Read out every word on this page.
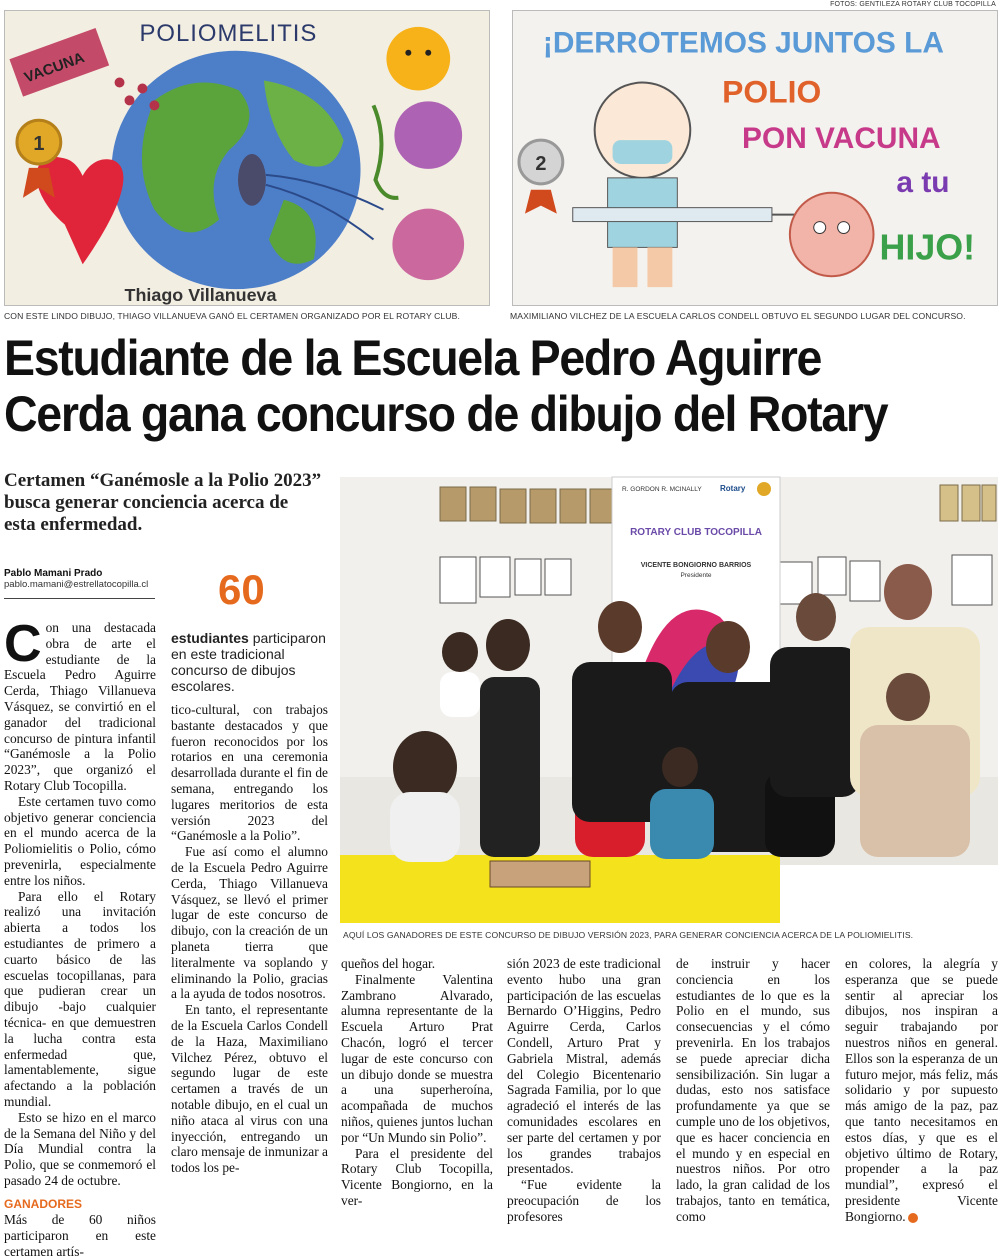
FOTOS: GENTILEZA ROTARY CLUB TOCOPILLA
VACUNA
POLIOMELITIS
Thiago Villanueva
1
CON ESTE LINDO DIBUJO, THIAGO VILLANUEVA GANÓ EL CERTAMEN ORGANIZADO POR EL ROTARY CLUB.
¡DERROTEMOS JUNTOS LA
POLIO
PON VACUNA
a tu
HIJO!
2
MAXIMILIANO VILCHEZ DE LA ESCUELA CARLOS CONDELL OBTUVO EL SEGUNDO LUGAR DEL CONCURSO.
Estudiante de la Escuela Pedro Aguirre Cerda gana concurso de dibujo del Rotary
Certamen “Ganémosle a la Polio 2023” busca generar conciencia acerca de esta enfermedad.
Pablo Mamani Prado
pablo.mamani@estrellatocopilla.cl 60
estudiantes participaron en este tradicional concurso de dibujos escolares.
R. GORDON R. MCINALLY Rotary
ROTARY CLUB TOCOPILLA
VICENTE BONGIORNO BARRIOS
Presidente
AQUÍ LOS GANADORES DE ESTE CONCURSO DE DIBUJO VERSIÓN 2023, PARA GENERAR CONCIENCIA ACERCA DE LA POLIOMIELITIS.

Con una destacada obra de arte el estudiante de la Escuela Pedro Aguirre Cerda, Thiago Villanueva Vásquez, se convirtió en el ganador del tradicional concurso de pintura infantil “Ganémosle a la Polio 2023”, que organizó el Rotary Club Tocopilla.

Este certamen tuvo como objetivo generar conciencia en el mundo acerca de la Poliomielitis o Polio, cómo prevenirla, especialmente entre los niños.

Para ello el Rotary realizó una invitación abierta a todos los estudiantes de primero a cuarto básico de las escuelas tocopillanas, para que pudieran crear un dibujo -bajo cualquier técnica- en que demuestren la lucha contra esta enfermedad que, lamentablemente, sigue afectando a la población mundial.

Esto se hizo en el marco de la Semana del Niño y del Día Mundial contra la Polio, que se conmemoró el pasado 24 de octubre.

GANADORES

Más de 60 niños participaron en este certamen artís-

tico-cultural, con trabajos bastante destacados y que fueron reconocidos por los rotarios en una ceremonia desarrollada durante el fin de semana, entregando los lugares meritorios de esta versión 2023 del “Ganémosle a la Polio”.

Fue así como el alumno de la Escuela Pedro Aguirre Cerda, Thiago Villanueva Vásquez, se llevó el primer lugar de este concurso de dibujo, con la creación de un planeta tierra que literalmente va soplando y eliminando la Polio, gracias a la ayuda de todos nosotros.

En tanto, el representante de la Escuela Carlos Condell de la Haza, Maximiliano Vilchez Pérez, obtuvo el segundo lugar de este certamen a través de un notable dibujo, en el cual un niño ataca al virus con una inyección, entregando un claro mensaje de inmunizar a todos los pe-

queños del hogar.

Finalmente Valentina Zambrano Alvarado, alumna representante de la Escuela Arturo Prat Chacón, logró el tercer lugar de este concurso con un dibujo donde se muestra a una superheroína, acompañada de muchos niños, quienes juntos luchan por “Un Mundo sin Polio”.

Para el presidente del Rotary Club Tocopilla, Vicente Bongiorno, en la ver-

sión 2023 de este tradicional evento hubo una gran participación de las escuelas Bernardo O’Higgins, Pedro Aguirre Cerda, Carlos Condell, Arturo Prat y Gabriela Mistral, además del Colegio Bicentenario Sagrada Familia, por lo que agradeció el interés de las comunidades escolares en ser parte del certamen y por los grandes trabajos presentados.

“Fue evidente la preocupación de los profesores

de instruir y hacer conciencia en los estudiantes de lo que es la Polio en el mundo, sus consecuencias y el cómo prevenirla. En los trabajos se puede apreciar dicha sensibilización. Sin lugar a dudas, esto nos satisface profundamente ya que se cumple uno de los objetivos, que es hacer conciencia en el mundo y en especial en nuestros niños. Por otro lado, la gran calidad de los trabajos, tanto en temática, como

en colores, la alegría y esperanza que se puede sentir al apreciar los dibujos, nos inspiran a seguir trabajando por nuestros niños en general. Ellos son la esperanza de un futuro mejor, más feliz, más solidario y por supuesto más amigo de la paz, paz que tanto necesitamos en estos días, y que es el objetivo último de Rotary, propender a la paz mundial”, expresó el presidente Vicente Bongiorno.
